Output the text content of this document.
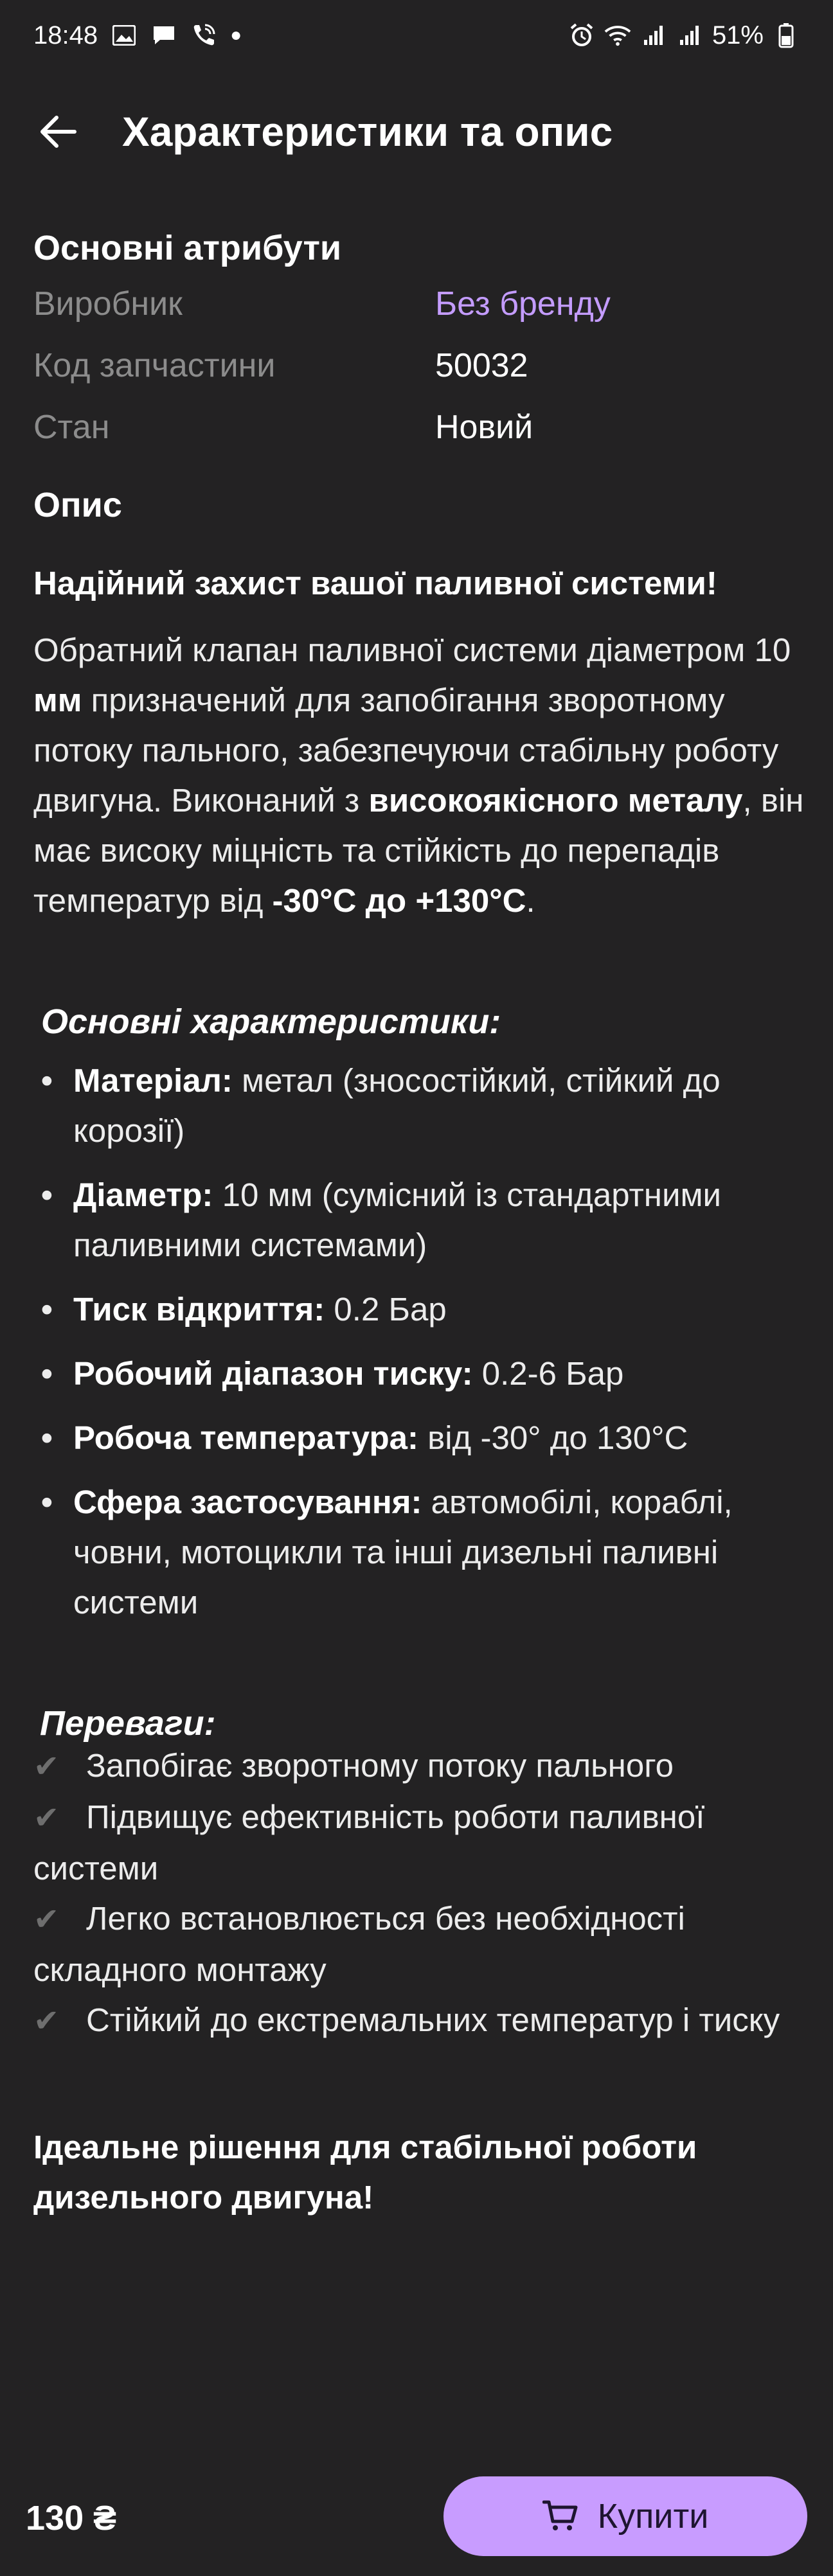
18:48	●	51%
Характеристики та опис
Основні атрибути
Виробник	Без бренду
Код запчастини	50032
Стан	Новий
Опис
Надійний захист вашої паливної системи!
Обратний клапан паливної системи діаметром 10 мм призначений для запобігання зворотному потоку пального, забезпечуючи стабільну роботу двигуна. Виконаний з високоякісного металу, він має високу міцність та стійкість до перепадів температур від -30°C до +130°C.
Основні характеристики:
• Матеріал: метал (зносостійкий, стійкий до корозії)
• Діаметр: 10 мм (сумісний із стандартними паливними системами)
• Тиск відкриття: 0.2 Бар
• Робочий діапазон тиску: 0.2-6 Бар
• Робоча температура: від -30° до 130°C
• Сфера застосування: автомобілі, кораблі, човни, мотоцикли та інші дизельні паливні системи
Переваги:
✔ Запобігає зворотному потоку пального
✔ Підвищує ефективність роботи паливної системи
✔ Легко встановлюється без необхідності складного монтажу
✔ Стійкий до екстремальних температур і тиску
Ідеальне рішення для стабільної роботи дизельного двигуна!
130 ₴	Купити
